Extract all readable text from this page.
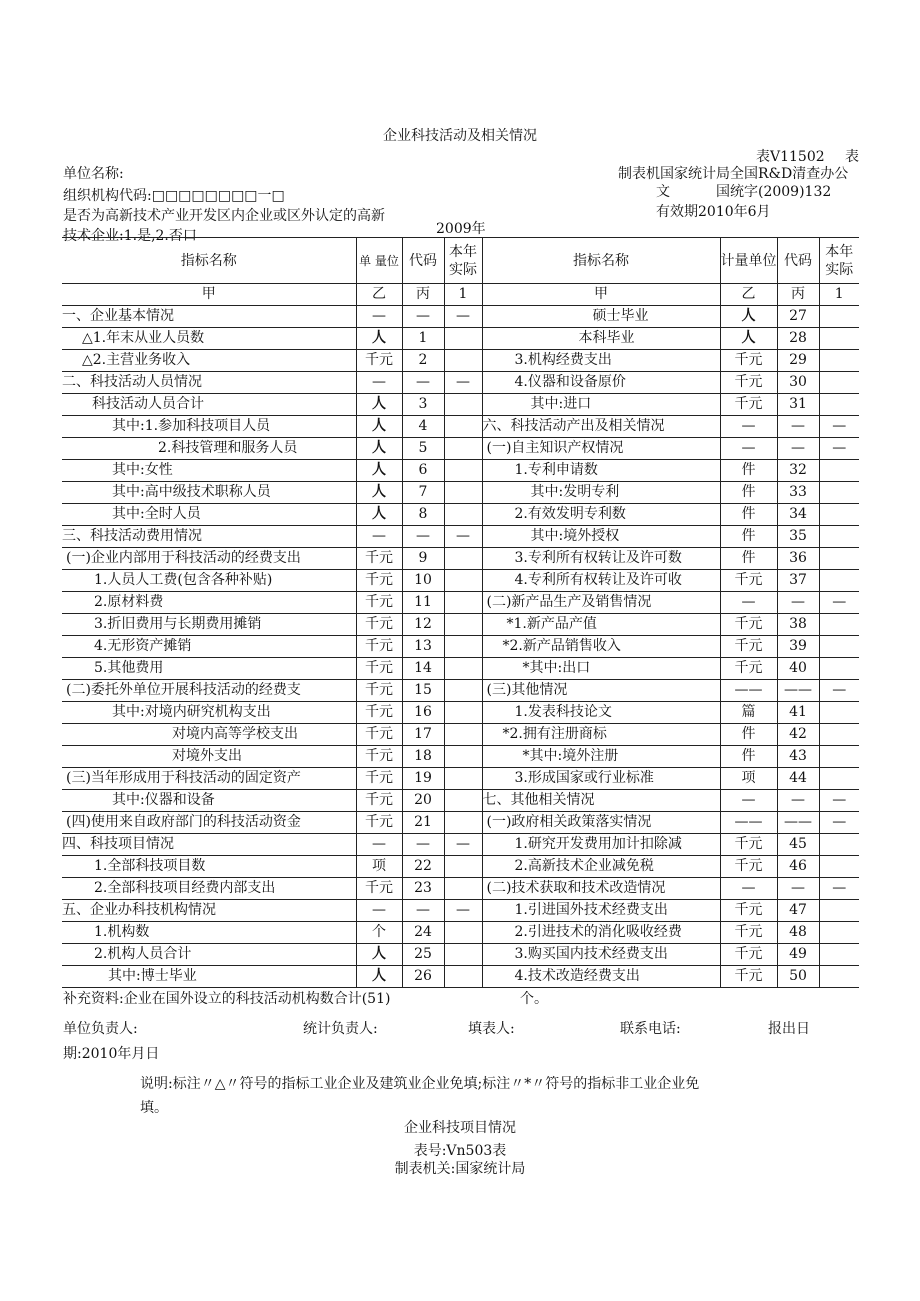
企业科技活动及相关情况
表V11502 表
单位名称:
组织机构代码:□□□□□□□□一□
是否为高新技术产业开发区内企业或区外认定的高新
技术企业:1.是,2.否口	2009年
制表机国家统计局全国R&D清查办公
文	国统字(2009)132
有效期2010年6月
指标名称	单 量位	代码	本年实际	指标名称	计量单位	代码	本年实际
甲	乙	丙	1	甲	乙	丙	1
一、企业基本情况	—	—	—	硕士毕业	人	27	
△1.年末从业人员数	人	1		本科毕业	人	28	
△2.主营业务收入	千元	2		3.机构经费支出	千元	29	
二、科技活动人员情况	—	—	—	4.仪器和设备原价	千元	30	
科技活动人员合计	人	3		其中:进口	千元	31	
其中:1.参加科技项目人员	人	4		六、科技活动产出及相关情况	—	—	—
2.科技管理和服务人员	人	5		(一)自主知识产权情况	—	—	—
其中:女性	人	6		1.专利申请数	件	32	
其中:高中级技术职称人员	人	7		其中:发明专利	件	33	
其中:全时人员	人	8		2.有效发明专利数	件	34	
三、科技活动费用情况	—	—	—	其中:境外授权	件	35	
(一)企业内部用于科技活动的经费支出	千元	9		3.专利所有权转让及许可数	件	36	
1.人员人工费(包含各种补贴)	千元	10		4.专利所有权转让及许可收	千元	37	
2.原材料费	千元	11		(二)新产品生产及销售情况	—	—	—
3.折旧费用与长期费用摊销	千元	12		*1.新产品产值	千元	38	
4.无形资产摊销	千元	13		*2.新产品销售收入	千元	39	
5.其他费用	千元	14		*其中:出口	千元	40	
(二)委托外单位开展科技活动的经费支	千元	15		(三)其他情况	——	——	—
其中:对境内研究机构支出	千元	16		1.发表科技论文	篇	41	
对境内高等学校支出	千元	17		*2.拥有注册商标	件	42	
对境外支出	千元	18		*其中:境外注册	件	43	
(三)当年形成用于科技活动的固定资产	千元	19		3.形成国家或行业标准	项	44	
其中:仪器和设备	千元	20		七、其他相关情况	—	—	—
(四)使用来自政府部门的科技活动资金	千元	21		(一)政府相关政策落实情况	——	——	—
四、科技项目情况	—	—	—	1.研究开发费用加计扣除减	千元	45	
1.全部科技项目数	项	22		2.高新技术企业减免税	千元	46	
2.全部科技项目经费内部支出	千元	23		(二)技术获取和技术改造情况	—	—	—
五、企业办科技机构情况	—	—	—	1.引进国外技术经费支出	千元	47	
1.机构数	个	24		2.引进技术的消化吸收经费	千元	48	
2.机构人员合计	人	25		3.购买国内技术经费支出	千元	49	
其中:博士毕业	人	26		4.技术改造经费支出	千元	50	
补充资料:企业在国外设立的科技活动机构数合计(51)	个。
单位负责人:	统计负责人:	填表人:	联系电话:	报出日
期:2010年月日
说明:标注〃△〃符号的指标工业企业及建筑业企业免填;标注〃*〃符号的指标非工业企业免
填。
企业科技项目情况
表号:Vn503表
制表机关:国家统计局
